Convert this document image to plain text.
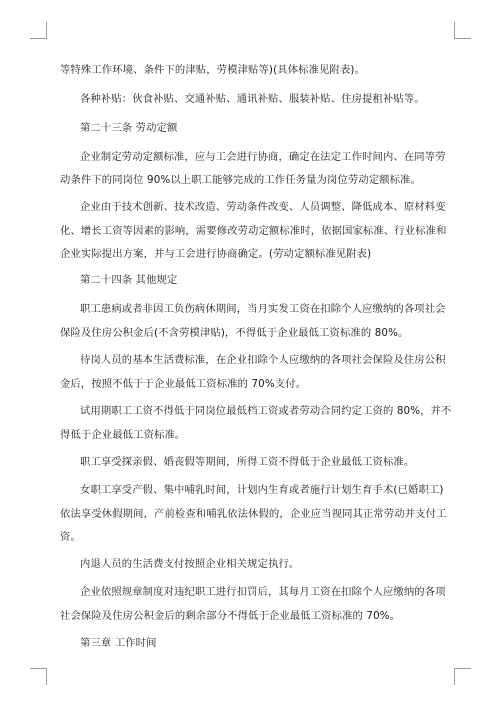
等特殊工作环境、条件下的津贴，劳模津贴等)(具体标准见附表)。
各种补贴：伙食补贴、交通补贴、通讯补贴、服装补贴、住房提租补贴等。
第二十三条 劳动定额
企业制定劳动定额标准，应与工会进行协商，确定在法定工作时间内、在同等劳
动条件下的同岗位 90%以上职工能够完成的工作任务量为岗位劳动定额标准。
企业由于技术创新、技术改造、劳动条件改变、人员调整、降低成本、原材料变
化、增长工资等因素的影响，需要修改劳动定额标准时，依据国家标准、行业标准和
企业实际提出方案，并与工会进行协商确定。(劳动定额标准见附表)
第二十四条 其他规定
职工患病或者非因工负伤病休期间，当月实发工资在扣除个人应缴纳的各项社会
保险及住房公积金后(不含劳模津贴)，不得低于企业最低工资标准的 80%。
待岗人员的基本生活费标准，在企业扣除个人应缴纳的各项社会保险及住房公积
金后，按照不低于于企业最低工资标准的 70%支付。
试用期职工工资不得低于同岗位最低档工资或者劳动合同约定工资的 80%，并不
得低于企业最低工资标准。
职工享受探亲假、婚丧假等期间，所得工资不得低于企业最低工资标准。
女职工享受产假、集中哺乳时间，计划内生育或者施行计划生育手术(已婚职工)
依法享受休假期间，产前检查和哺乳依法休假的，企业应当视同其正常劳动并支付工
资。
内退人员的生活费支付按照企业相关规定执行。
企业依照规章制度对违纪职工进行扣罚后，其每月工资在扣除个人应缴纳的各项
社会保险及住房公积金后的剩余部分不得低于企业最低工资标准的 70%。
第三章 工作时间
